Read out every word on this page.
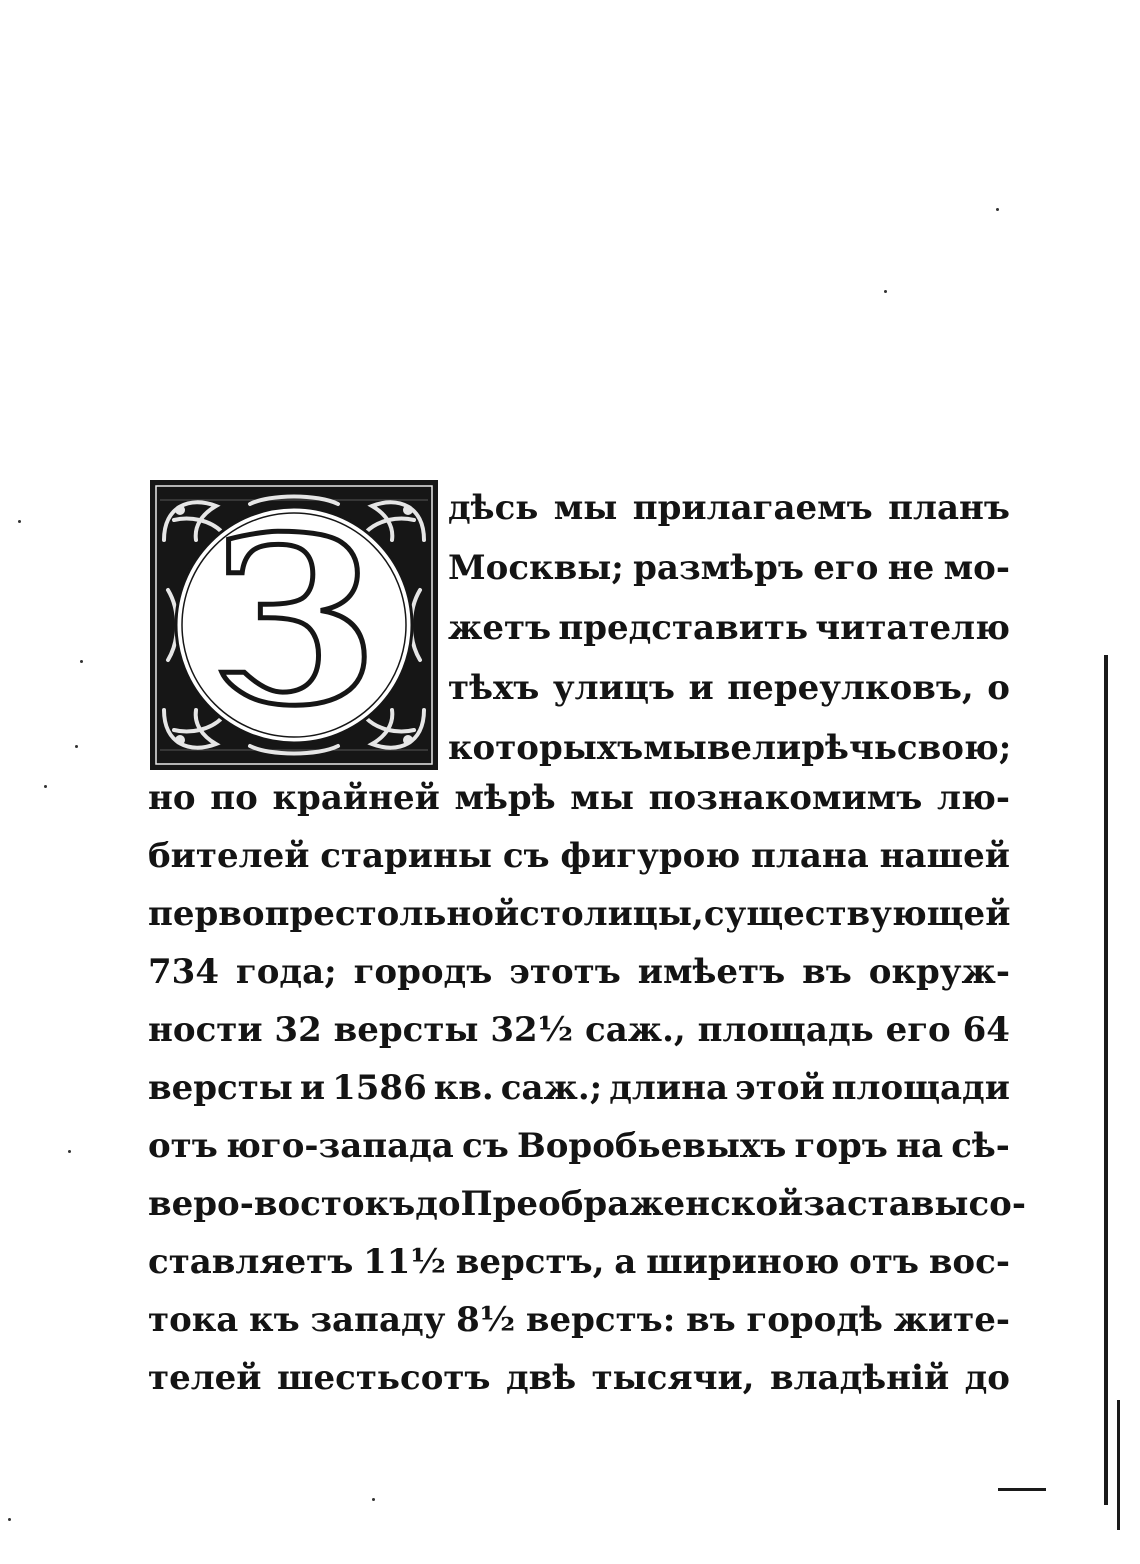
З дѣсь мы прилагаемъ планъ
Москвы; размѣръ его не мо-
жетъ представить читателю
тѣхъ улицъ и переулковъ, о
которыхъ мы вели рѣчь свою;
но по крайней мѣрѣ мы познакомимъ лю-
бителей старины съ фигурою плана нашей
первопрестольной столицы, существующей
734 года; городъ этотъ имѣетъ въ окруж-
ности 32 версты 32½ саж., площадь его 64
версты и 1586 кв. саж.; длина этой площади
отъ юго-запада съ Воробьевыхъ горъ на сѣ-
веро-востокъ до Преображенской заставы со-
ставляетъ 11½ верстъ, а шириною отъ вос-
тока къ западу 8½ верстъ: въ городѣ жите-
телей шестьсотъ двѣ тысячи, владѣній до
